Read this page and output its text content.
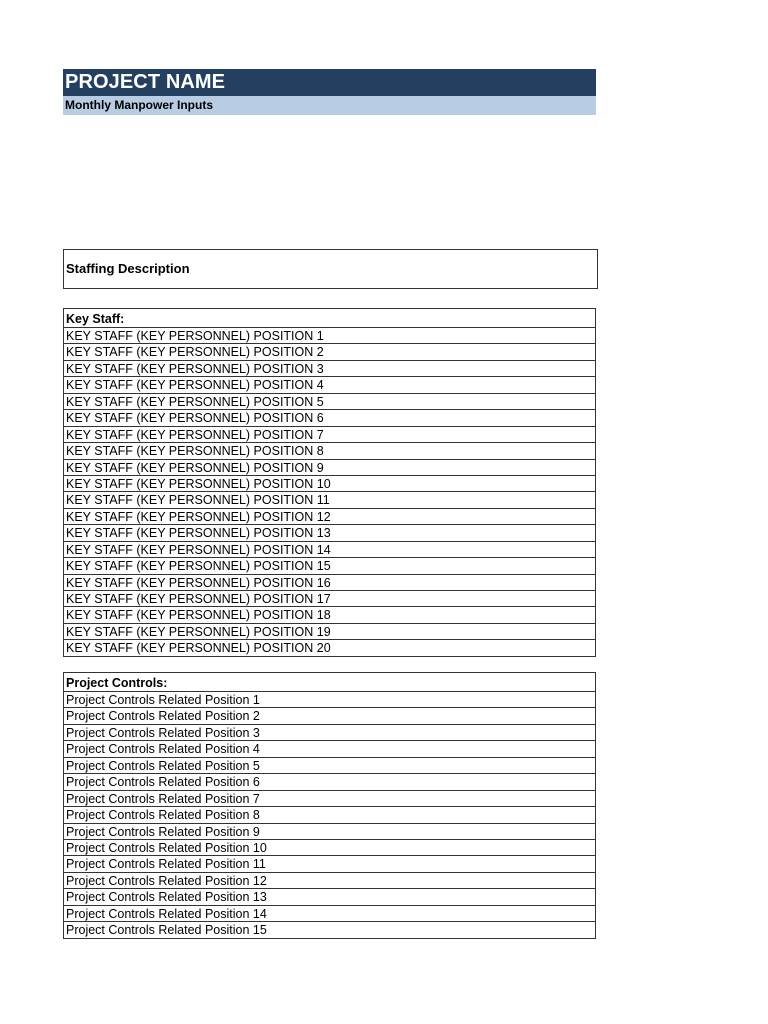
PROJECT NAME
Monthly Manpower Inputs
Staffing Description
Key Staff:
KEY STAFF (KEY PERSONNEL) POSITION 1
KEY STAFF (KEY PERSONNEL) POSITION 2
KEY STAFF (KEY PERSONNEL) POSITION 3
KEY STAFF (KEY PERSONNEL) POSITION 4
KEY STAFF (KEY PERSONNEL) POSITION 5
KEY STAFF (KEY PERSONNEL) POSITION 6
KEY STAFF (KEY PERSONNEL) POSITION 7
KEY STAFF (KEY PERSONNEL) POSITION 8
KEY STAFF (KEY PERSONNEL) POSITION 9
KEY STAFF (KEY PERSONNEL) POSITION 10
KEY STAFF (KEY PERSONNEL) POSITION 11
KEY STAFF (KEY PERSONNEL) POSITION 12
KEY STAFF (KEY PERSONNEL) POSITION 13
KEY STAFF (KEY PERSONNEL) POSITION 14
KEY STAFF (KEY PERSONNEL) POSITION 15
KEY STAFF (KEY PERSONNEL) POSITION 16
KEY STAFF (KEY PERSONNEL) POSITION 17
KEY STAFF (KEY PERSONNEL) POSITION 18
KEY STAFF (KEY PERSONNEL) POSITION 19
KEY STAFF (KEY PERSONNEL) POSITION 20
Project Controls:
Project Controls Related Position 1
Project Controls Related Position 2
Project Controls Related Position 3
Project Controls Related Position 4
Project Controls Related Position 5
Project Controls Related Position 6
Project Controls Related Position 7
Project Controls Related Position 8
Project Controls Related Position 9
Project Controls Related Position 10
Project Controls Related Position 11
Project Controls Related Position 12
Project Controls Related Position 13
Project Controls Related Position 14
Project Controls Related Position 15
